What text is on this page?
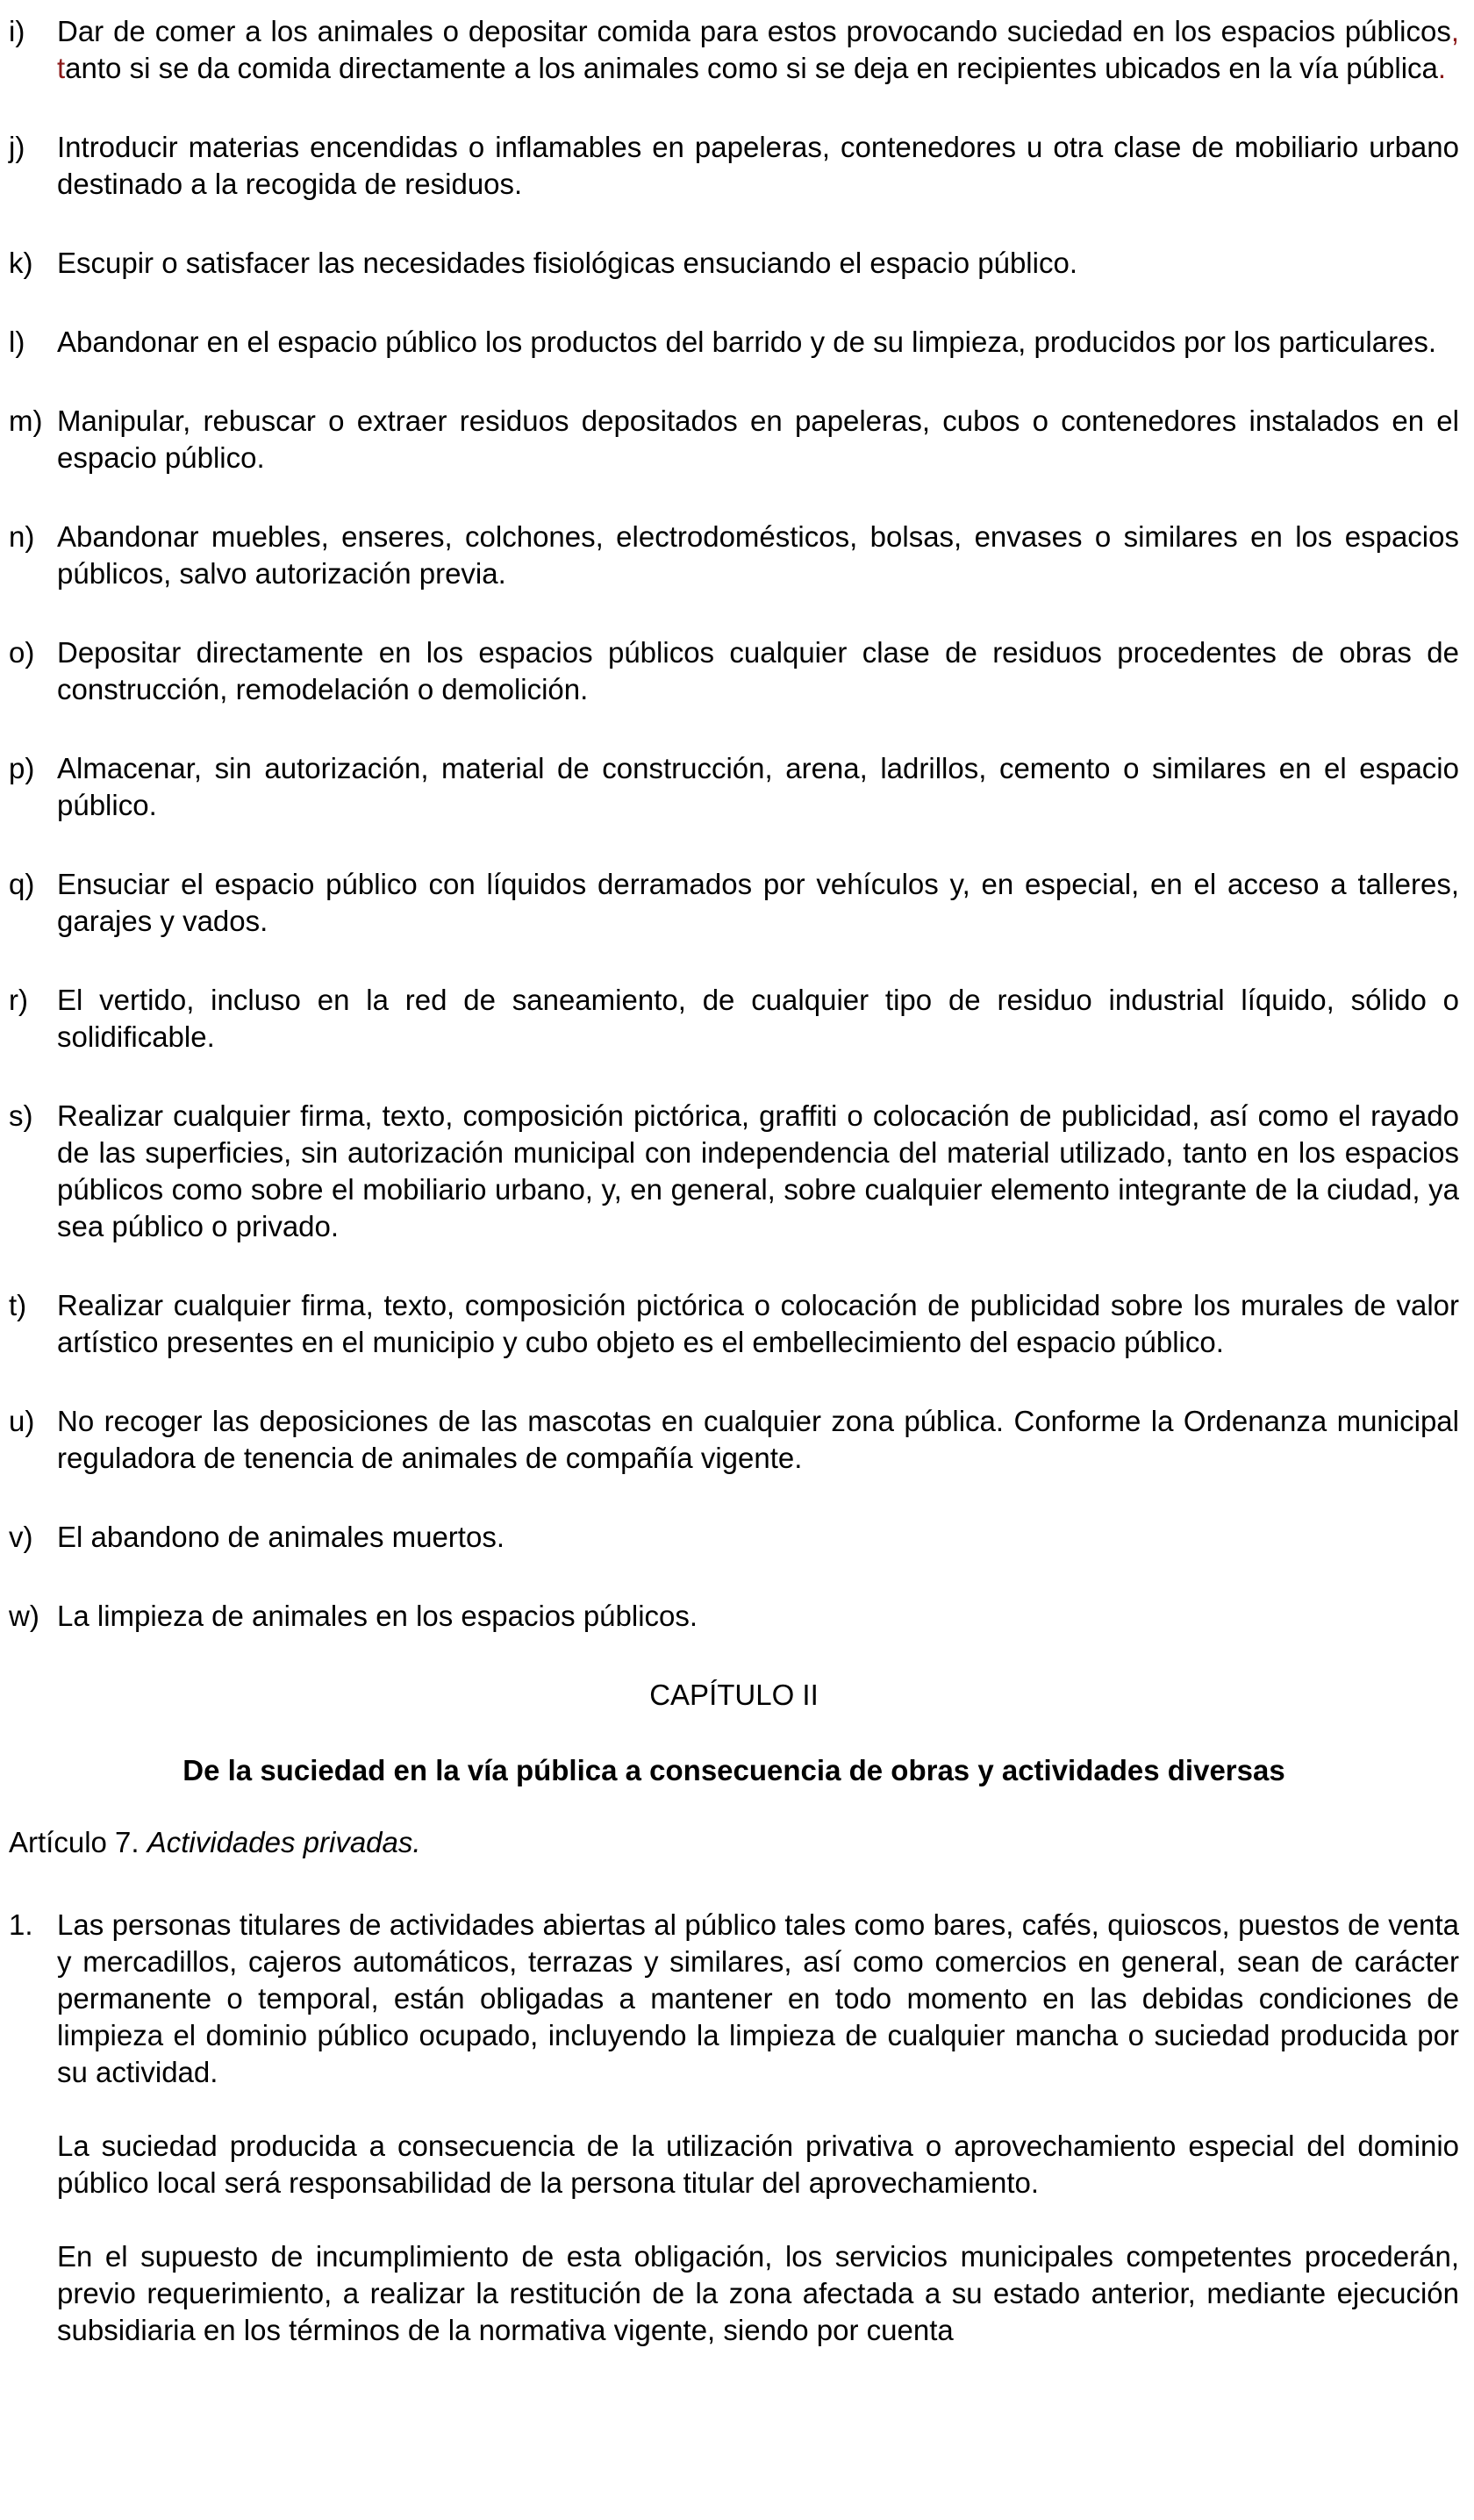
i)	Dar de comer a los animales o depositar comida para estos provocando suciedad en los espacios públicos, tanto si se da comida directamente a los animales como si se deja en recipientes ubicados en la vía pública.
j)	Introducir materias encendidas o inflamables en papeleras, contenedores u otra clase de mobiliario urbano destinado a la recogida de residuos.
k) Escupir o satisfacer las necesidades fisiológicas ensuciando el espacio público.
l)	Abandonar en el espacio público los productos del barrido y de su limpieza, producidos por los particulares.
m) Manipular, rebuscar o extraer residuos depositados en papeleras, cubos o contenedores instalados en el espacio público.
n) Abandonar muebles, enseres, colchones, electrodomésticos, bolsas, envases o similares en los espacios públicos, salvo autorización previa.
o) Depositar directamente en los espacios públicos cualquier clase de residuos procedentes de obras de construcción, remodelación o demolición.
p) Almacenar, sin autorización, material de construcción, arena, ladrillos, cemento o similares en el espacio público.
q) Ensuciar el espacio público con líquidos derramados por vehículos y, en especial, en el acceso a talleres, garajes y vados.
r)	El vertido, incluso en la red de saneamiento, de cualquier tipo de residuo industrial líquido, sólido o solidificable.
s) Realizar cualquier firma, texto, composición pictórica, graffiti o colocación de publicidad, así como el rayado de las superficies, sin autorización municipal con independencia del material utilizado, tanto en los espacios públicos como sobre el mobiliario urbano, y, en general, sobre cualquier elemento integrante de la ciudad, ya sea público o privado.
t)	Realizar cualquier firma, texto, composición pictórica o colocación de publicidad sobre los murales de valor artístico presentes en el municipio y cubo objeto es el embellecimiento del espacio público.
u) No recoger las deposiciones de las mascotas en cualquier zona pública. Conforme la Ordenanza municipal reguladora de tenencia de animales de compañía vigente.
v) El abandono de animales muertos.
w) La limpieza de animales en los espacios públicos.
CAPÍTULO II
De la suciedad en la vía pública a consecuencia de obras y actividades diversas
Artículo 7. Actividades privadas.
1. Las personas titulares de actividades abiertas al público tales como bares, cafés, quioscos, puestos de venta y mercadillos, cajeros automáticos, terrazas y similares, así como comercios en general, sean de carácter permanente o temporal, están obligadas a mantener en todo momento en las debidas condiciones de limpieza el dominio público ocupado, incluyendo la limpieza de cualquier mancha o suciedad producida por su actividad.
La suciedad producida a consecuencia de la utilización privativa o aprovechamiento especial del dominio público local será responsabilidad de la persona titular del aprovechamiento.
En el supuesto de incumplimiento de esta obligación, los servicios municipales competentes procederán, previo requerimiento, a realizar la restitución de la zona afectada a su estado anterior, mediante ejecución subsidiaria en los términos de la normativa vigente, siendo por cuenta
